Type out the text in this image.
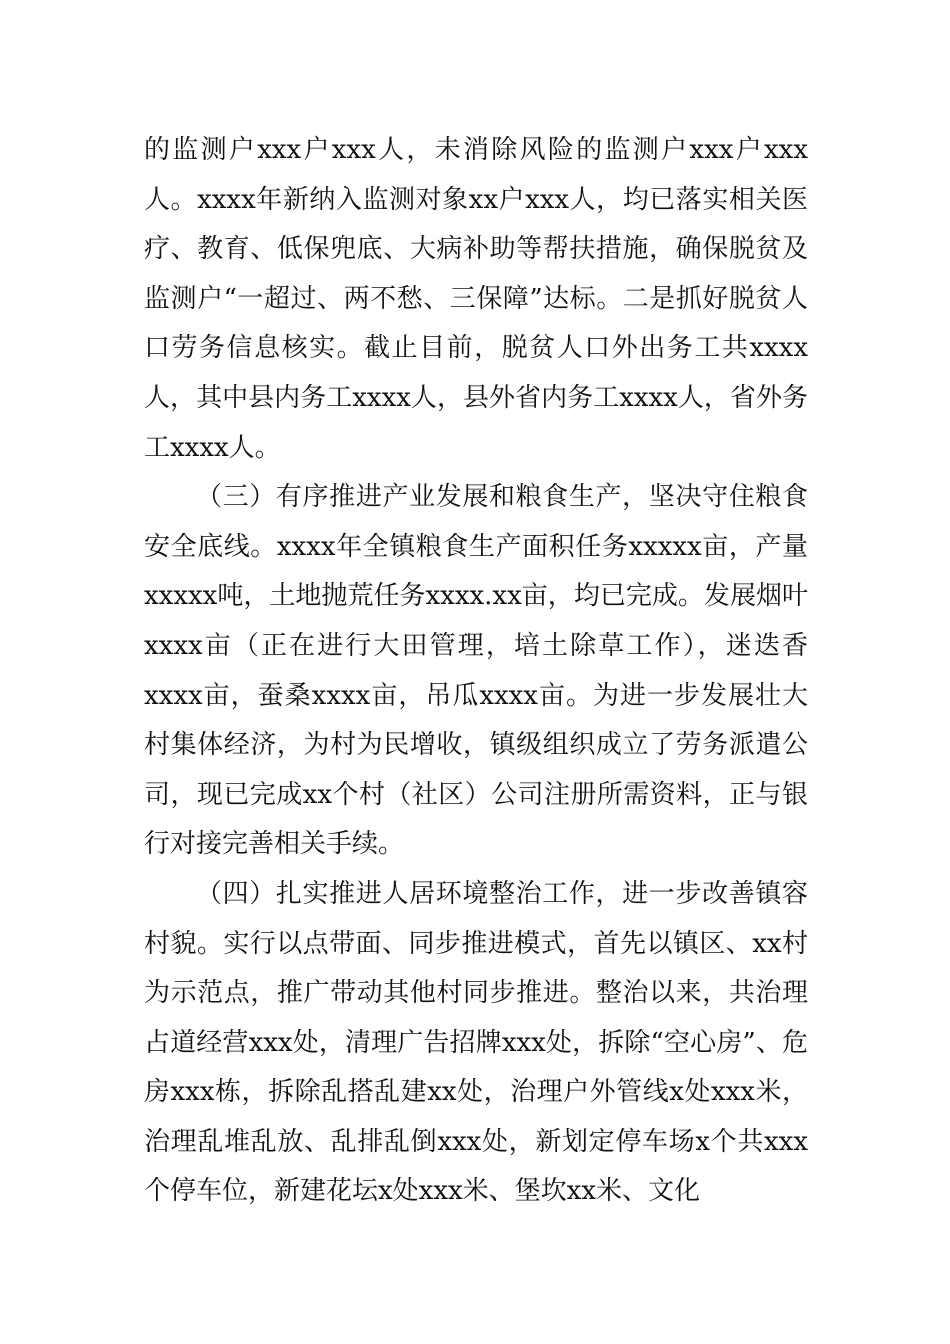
的监测户xxx户xxx人，未消除风险的监测户xxx户xxx人。xxxx年新纳入监测对象xx户xxx人，均已落实相关医疗、教育、低保兜底、大病补助等帮扶措施，确保脱贫及监测户“一超过、两不愁、三保障”达标。二是抓好脱贫人口劳务信息核实。截止目前，脱贫人口外出务工共xxxx人，其中县内务工xxxx人，县外省内务工xxxx人，省外务工xxxx人。

（三）有序推进产业发展和粮食生产，坚决守住粮食安全底线。xxxx年全镇粮食生产面积任务xxxxx亩，产量xxxxx吨，土地抛荒任务xxxx.xx亩，均已完成。发展烟叶xxxx亩（正在进行大田管理，培土除草工作），迷迭香xxxx亩，蚕桑xxxx亩，吊瓜xxxx亩。为进一步发展壮大村集体经济，为村为民增收，镇级组织成立了劳务派遣公司，现已完成xx个村（社区）公司注册所需资料，正与银行对接完善相关手续。

（四）扎实推进人居环境整治工作，进一步改善镇容村貌。实行以点带面、同步推进模式，首先以镇区、xx村为示范点，推广带动其他村同步推进。整治以来，共治理占道经营xxx处，清理广告招牌xxx处，拆除“空心房”、危房xxx栋，拆除乱搭乱建xx处，治理户外管线x处xxx米，治理乱堆乱放、乱排乱倒xxx处，新划定停车场x个共xxx个停车位，新建花坛x处xxx米、堡坎xx米、文化
